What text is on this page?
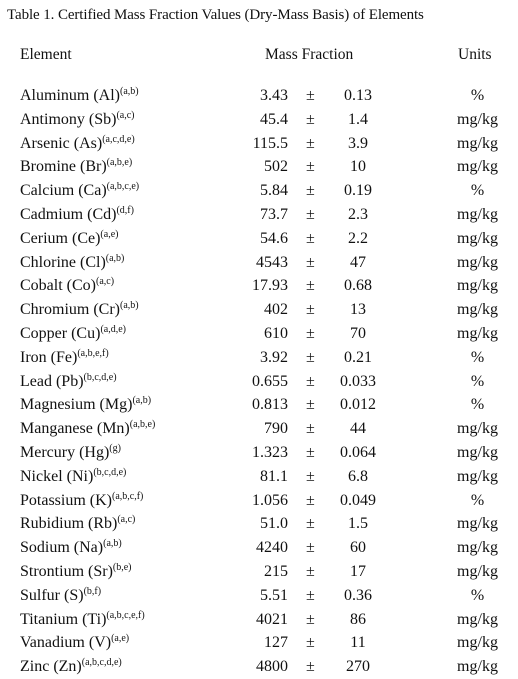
Table 1. Certified Mass Fraction Values (Dry-Mass Basis) of Elements
Element	Mass Fraction	Units
Aluminum $(Al)^{(a,b)}$	3.43 ±	0.13	%
Antimony $(Sb)^{(a,c)}$	45.4 ±	1.4	mg/kg
Arsenic $(As)^{(a,c,d,e)}$	115.5 ±	3.9	mg/kg
Bromine $(Br)^{(a,b,e)}$	502 ±	10	mg/kg
Calcium $(Ca)^{(a,b,c,e)}$	5.84 ±	0.19	%
Cadmium $(Cd)^{(d,f)}$	73.7 ±	2.3	mg/kg
Cerium $(Ce)^{(a,e)}$	54.6 ±	2.2	mg/kg
Chlorine $(Cl)^{(a,b)}$	4543 ±	47	mg/kg
Cobalt $(Co)^{(a,c)}$	17.93 ±	0.68	mg/kg
Chromium $(Cr)^{(a,b)}$	402 ±	13	mg/kg
Copper $(Cu)^{(a,d,e)}$	610 ±	70	mg/kg
Iron $(Fe)^{(a,b,e,f)}$	3.92 ±	0.21	%
Lead $(Pb)^{(b,c,d,e)}$	0.655 ±	0.033	%
Magnesium $(Mg)^{(a,b)}$	0.813 ±	0.012	%
Manganese $(Mn)^{(a,b,e)}$	790 ±	44	mg/kg
Mercury $(Hg)^{(g)}$	1.323 ±	0.064	mg/kg
Nickel $(Ni)^{(b,c,d,e)}$	81.1 ±	6.8	mg/kg
Potassium $(K)^{(a,b,c,f)}$	1.056 ±	0.049	%
Rubidium $(Rb)^{(a,c)}$	51.0 ±	1.5	mg/kg
Sodium $(Na)^{(a,b)}$	4240 ±	60	mg/kg
Strontium $(Sr)^{(b,e)}$	215 ±	17	mg/kg
Sulfur $(S)^{(b,f)}$	5.51 ±	0.36	%
Titanium $(Ti)^{(a,b,c,e,f)}$	4021 ±	86	mg/kg
Vanadium $(V)^{(a,e)}$	127 ±	11	mg/kg
Zinc $(Zn)^{(a,b,c,d,e)}$	4800 ±	270	mg/kg
